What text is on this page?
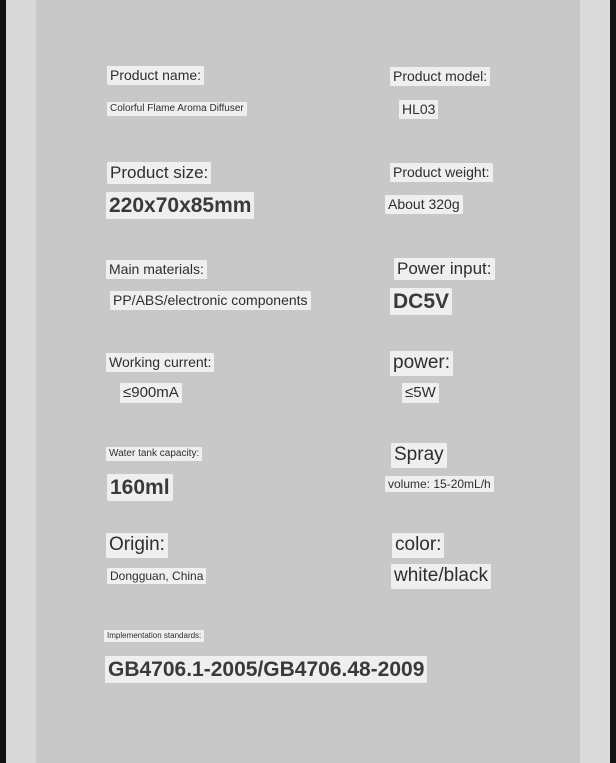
Product name:
Colorful Flame Aroma Diffuser
Product model:
HL03
Product size:
220x70x85mm
Product weight:
About 320g
Main materials:
PP/ABS/electronic components
Power input:
DC5V
Working current:
≤900mA
power:
≤5W
Water tank capacity:
160ml
Spray
volume: 15-20mL/h
Origin:
Dongguan, China
color:
white/black
Implementation standards:
GB4706.1-2005/GB4706.48-2009
